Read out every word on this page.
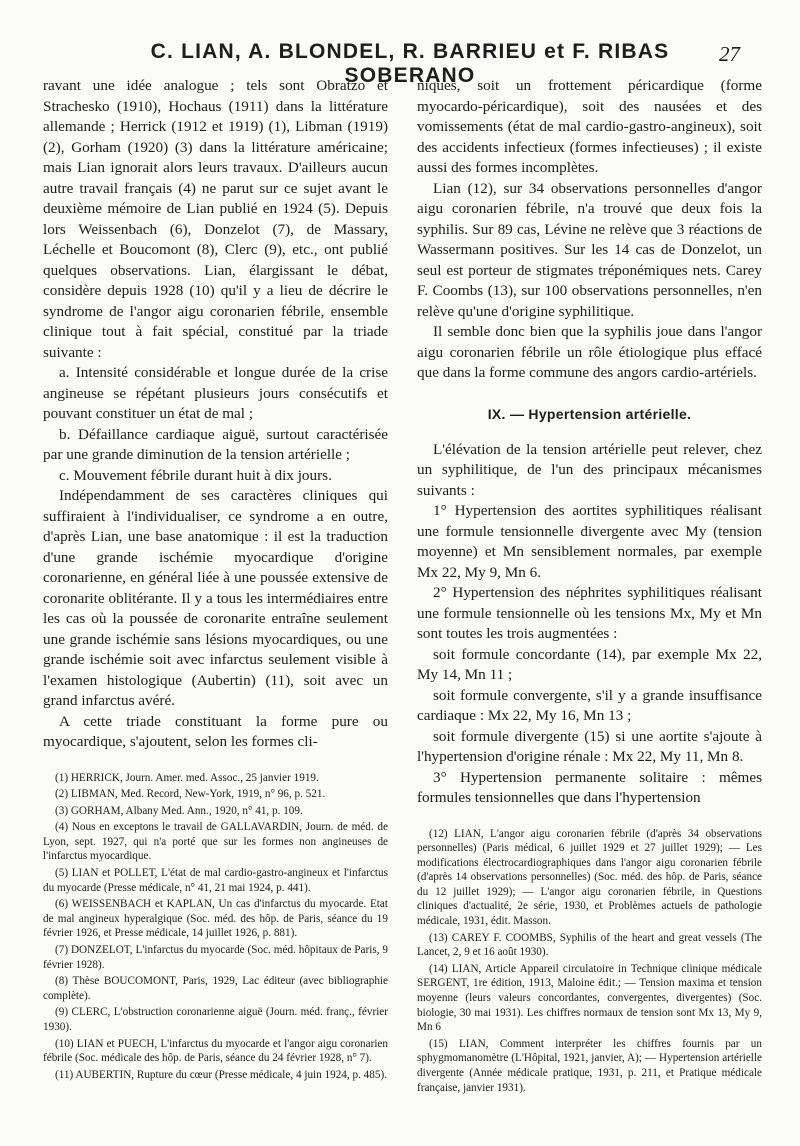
C. LIAN, A. BLONDEL, R. BARRIEU et F. RIBAS SOBERANO
27

ravant une idée analogue ; tels sont Obratzo et Strachesko (1910), Hochaus (1911) dans la littérature allemande ; Herrick (1912 et 1919) (1), Libman (1919) (2), Gorham (1920) (3) dans la littérature américaine; mais Lian ignorait alors leurs travaux. D'ailleurs aucun autre travail français (4) ne parut sur ce sujet avant le deuxième mémoire de Lian publié en 1924 (5). Depuis lors Weissenbach (6), Donzelot (7), de Massary, Léchelle et Boucomont (8), Clerc (9), etc., ont publié quelques observations. Lian, élargissant le débat, considère depuis 1928 (10) qu'il y a lieu de décrire le syndrome de l'angor aigu coronarien fébrile, ensemble clinique tout à fait spécial, constitué par la triade suivante :

a. Intensité considérable et longue durée de la crise angineuse se répétant plusieurs jours consécutifs et pouvant constituer un état de mal ;

b. Défaillance cardiaque aiguë, surtout caractérisée par une grande diminution de la tension artérielle ;

c. Mouvement fébrile durant huit à dix jours.

Indépendamment de ses caractères cliniques qui suffiraient à l'individualiser, ce syndrome a en outre, d'après Lian, une base anatomique : il est la traduction d'une grande ischémie myocardique d'origine coronarienne, en général liée à une poussée extensive de coronarite oblitérante. Il y a tous les intermédiaires entre les cas où la poussée de coronarite entraîne seulement une grande ischémie sans lésions myocardiques, ou une grande ischémie soit avec infarctus seulement visible à l'examen histologique (Aubertin) (11), soit avec un grand infarctus avéré.

A cette triade constituant la forme pure ou myocardique, s'ajoutent, selon les formes cli-

(1) HERRICK, Journ. Amer. med. Assoc., 25 janvier 1919.

(2) LIBMAN, Med. Record, New-York, 1919, n° 96, p. 521.

(3) GORHAM, Albany Med. Ann., 1920, n° 41, p. 109.

(4) Nous en exceptons le travail de GALLAVARDIN, Journ. de méd. de Lyon, sept. 1927, qui n'a porté que sur les formes non angineuses de l'infarctus myocardique.

(5) LIAN et POLLET, L'état de mal cardio-gastro-angineux et l'infarctus du myocarde (Presse médicale, n° 41, 21 mai 1924, p. 441).

(6) WEISSENBACH et KAPLAN, Un cas d'infarctus du myocarde. Etat de mal angineux hyperalgique (Soc. méd. des hôp. de Paris, séance du 19 février 1926, et Presse médicale, 14 juillet 1926, p. 881).

(7) DONZELOT, L'infarctus du myocarde (Soc. méd. hôpitaux de Paris, 9 février 1928).

(8) Thèse BOUCOMONT, Paris, 1929, Lac éditeur (avec bibliographie complète).

(9) CLERC, L'obstruction coronarienne aiguë (Journ. méd. franç., février 1930).

(10) LIAN et PUECH, L'infarctus du myocarde et l'angor aigu coronarien fébrile (Soc. médicale des hôp. de Paris, séance du 24 février 1928, n° 7).

(11) AUBERTIN, Rupture du cœur (Presse médicale, 4 juin 1924, p. 485).

niques, soit un frottement péricardique (forme myocardo-péricardique), soit des nausées et des vomissements (état de mal cardio-gastro-angineux), soit des accidents infectieux (formes infectieuses) ; il existe aussi des formes incomplètes.

Lian (12), sur 34 observations personnelles d'angor aigu coronarien fébrile, n'a trouvé que deux fois la syphilis. Sur 89 cas, Lévine ne relève que 3 réactions de Wassermann positives. Sur les 14 cas de Donzelot, un seul est porteur de stigmates tréponémiques nets. Carey F. Coombs (13), sur 100 observations personnelles, n'en relève qu'une d'origine syphilitique.

Il semble donc bien que la syphilis joue dans l'angor aigu coronarien fébrile un rôle étiologique plus effacé que dans la forme commune des angors cardio-artériels.

IX. — Hypertension artérielle.

L'élévation de la tension artérielle peut relever, chez un syphilitique, de l'un des principaux mécanismes suivants :

1° Hypertension des aortites syphilitiques réalisant une formule tensionnelle divergente avec My (tension moyenne) et Mn sensiblement normales, par exemple Mx 22, My 9, Mn 6.

2° Hypertension des néphrites syphilitiques réalisant une formule tensionnelle où les tensions Mx, My et Mn sont toutes les trois augmentées :

soit formule concordante (14), par exemple Mx 22, My 14, Mn 11 ;

soit formule convergente, s'il y a grande insuffisance cardiaque : Mx 22, My 16, Mn 13 ;

soit formule divergente (15) si une aortite s'ajoute à l'hypertension d'origine rénale : Mx 22, My 11, Mn 8.

3° Hypertension permanente solitaire : mêmes formules tensionnelles que dans l'hypertension

(12) LIAN, L'angor aigu coronarien fébrile (d'après 34 observations personnelles) (Paris médical, 6 juillet 1929 et 27 juillet 1929); — Les modifications électrocardiographiques dans l'angor aigu coronarien fébrile (d'après 14 observations personnelles) (Soc. méd. des hôp. de Paris, séance du 12 juillet 1929); — L'angor aigu coronarien fébrile, in Questions cliniques d'actualité, 2e série, 1930, et Problèmes actuels de pathologie médicale, 1931, édit. Masson.

(13) CAREY F. COOMBS, Syphilis of the heart and great vessels (The Lancet, 2, 9 et 16 août 1930).

(14) LIAN, Article Appareil circulatoire in Technique clinique médicale SERGENT, 1re édition, 1913, Maloine édit.; — Tension maxima et tension moyenne (leurs valeurs concordantes, convergentes, divergentes) (Soc. biologie, 30 mai 1931). Les chiffres normaux de tension sont Mx 13, My 9, Mn 6

(15) LIAN, Comment interpréter les chiffres fournis par un sphygmomanomètre (L'Hôpital, 1921, janvier, A); — Hypertension artérielle divergente (Année médicale pratique, 1931, p. 211, et Pratique médicale française, janvier 1931).
